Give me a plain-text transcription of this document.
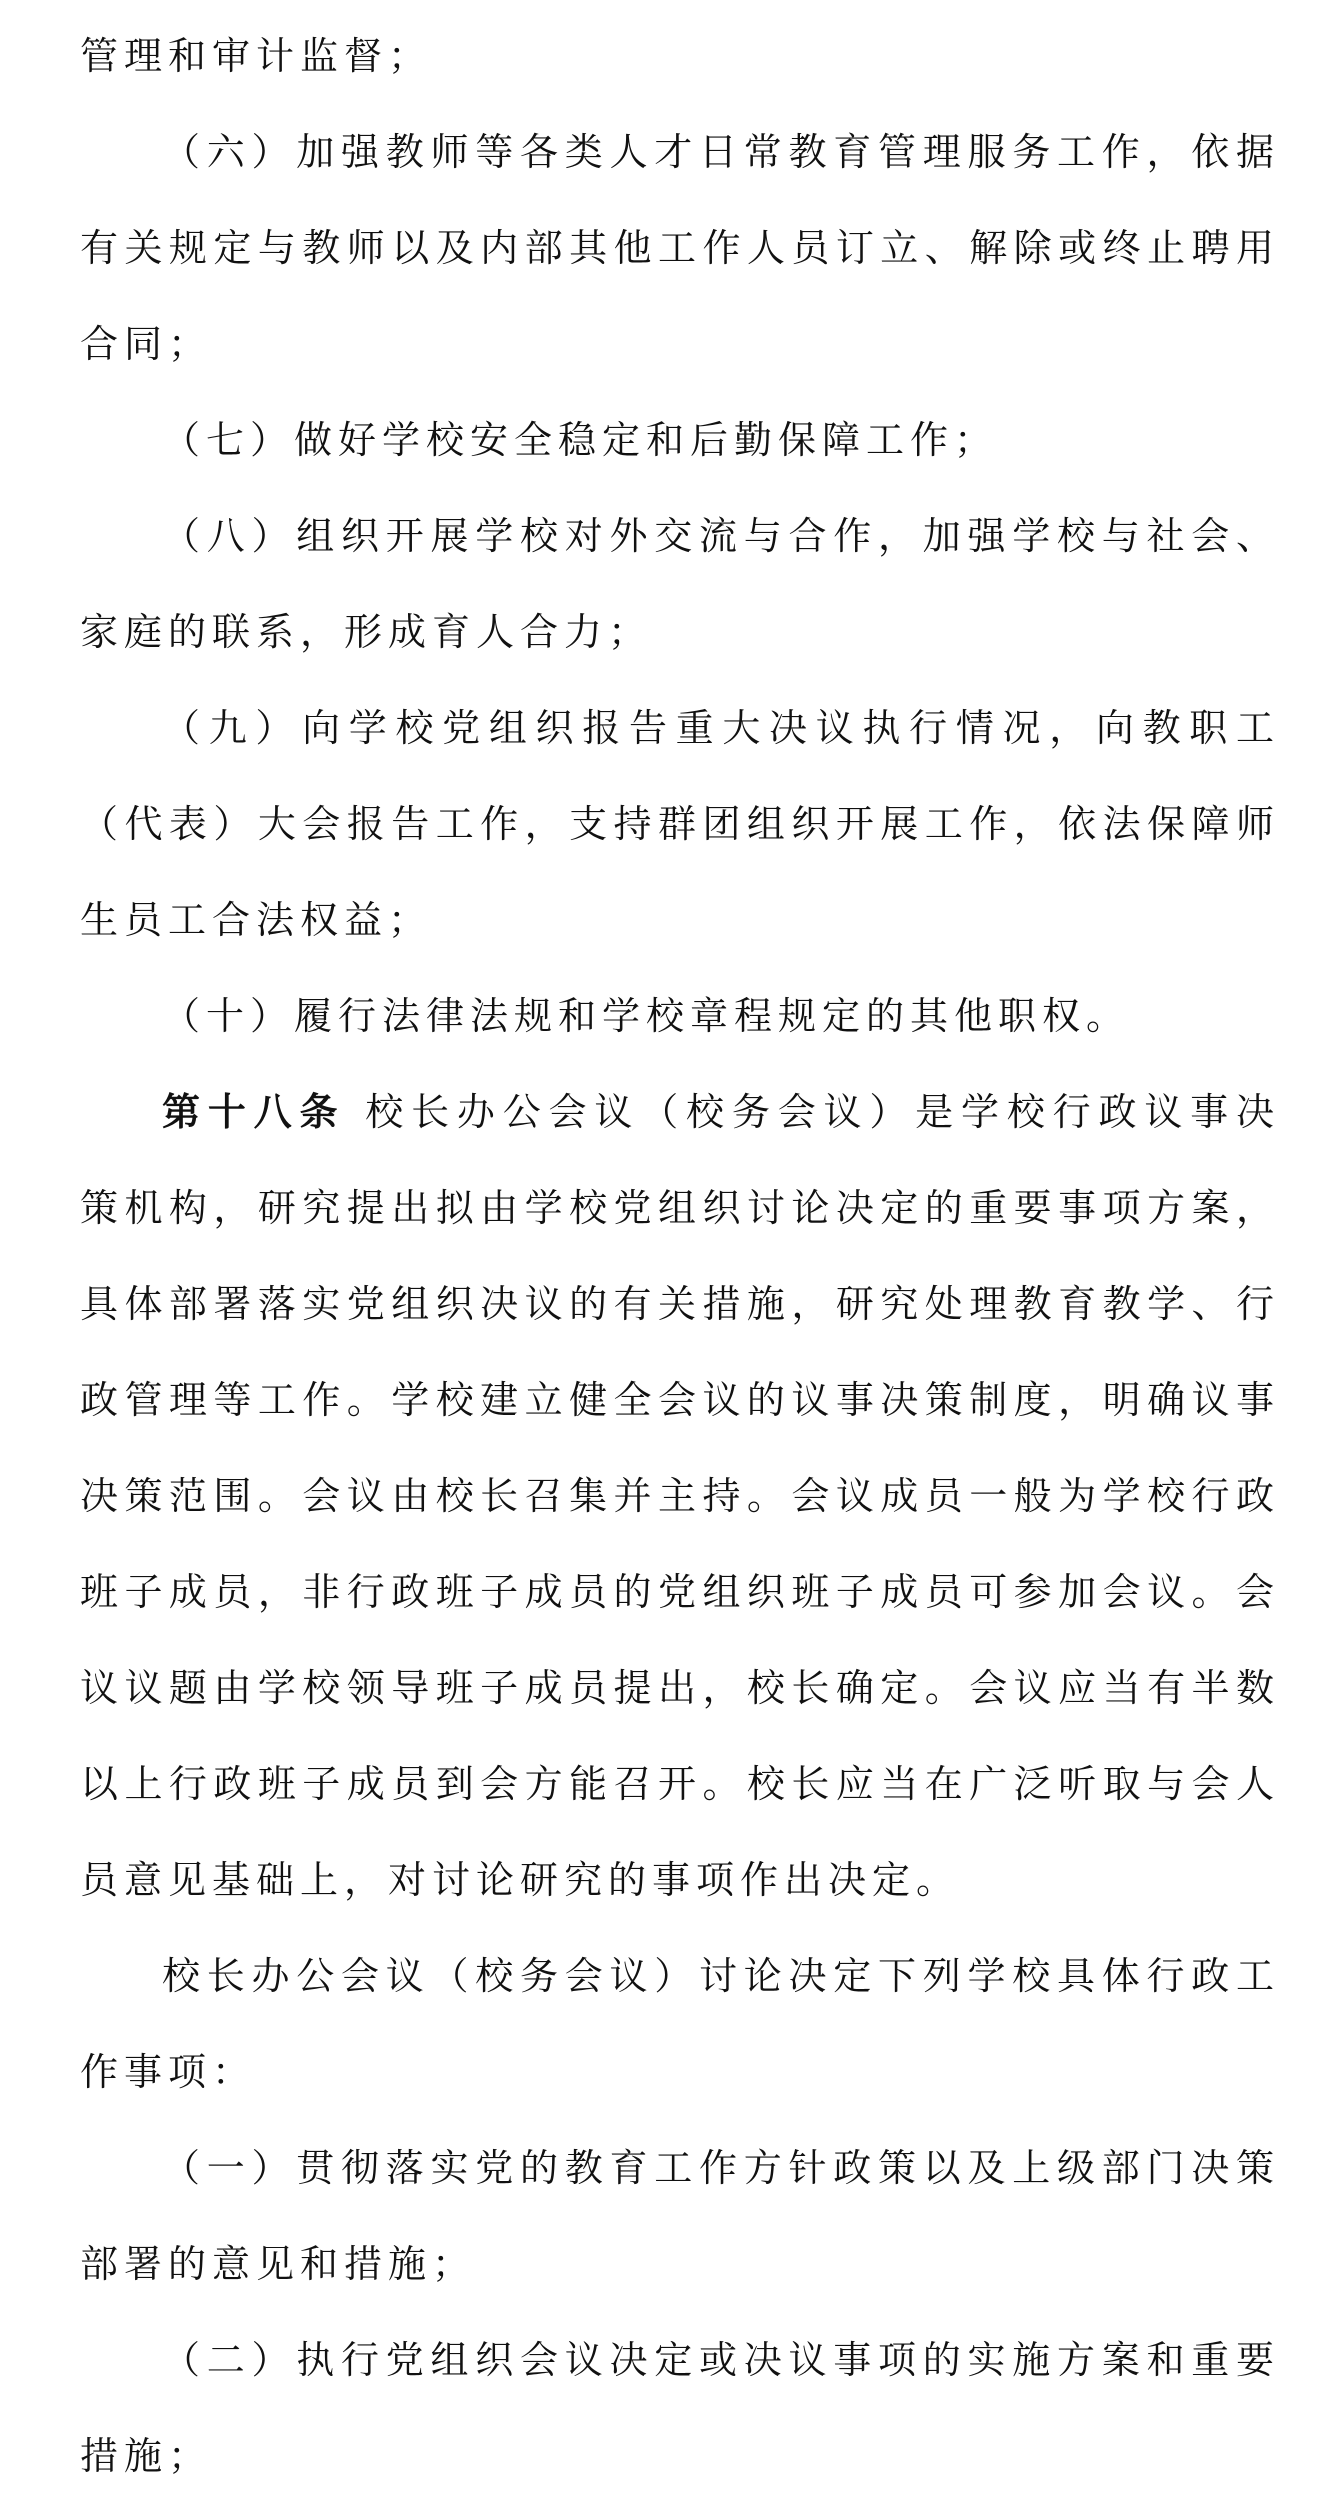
管理和审计监督；

（六）加强教师等各类人才日常教育管理服务工作，依据有关规定与教师以及内部其他工作人员订立、解除或终止聘用合同；

（七）做好学校安全稳定和后勤保障工作；

（八）组织开展学校对外交流与合作，加强学校与社会、家庭的联系，形成育人合力；

（九）向学校党组织报告重大决议执行情况，向教职工（代表）大会报告工作，支持群团组织开展工作，依法保障师生员工合法权益；

（十）履行法律法规和学校章程规定的其他职权。

第十八条 校长办公会议（校务会议）是学校行政议事决策机构，研究提出拟由学校党组织讨论决定的重要事项方案，具体部署落实党组织决议的有关措施，研究处理教育教学、行政管理等工作。学校建立健全会议的议事决策制度，明确议事决策范围。会议由校长召集并主持。会议成员一般为学校行政班子成员，非行政班子成员的党组织班子成员可参加会议。会议议题由学校领导班子成员提出，校长确定。会议应当有半数以上行政班子成员到会方能召开。校长应当在广泛听取与会人员意见基础上，对讨论研究的事项作出决定。

校长办公会议（校务会议）讨论决定下列学校具体行政工作事项：

（一）贯彻落实党的教育工作方针政策以及上级部门决策部署的意见和措施；

（二）执行党组织会议决定或决议事项的实施方案和重要措施；
